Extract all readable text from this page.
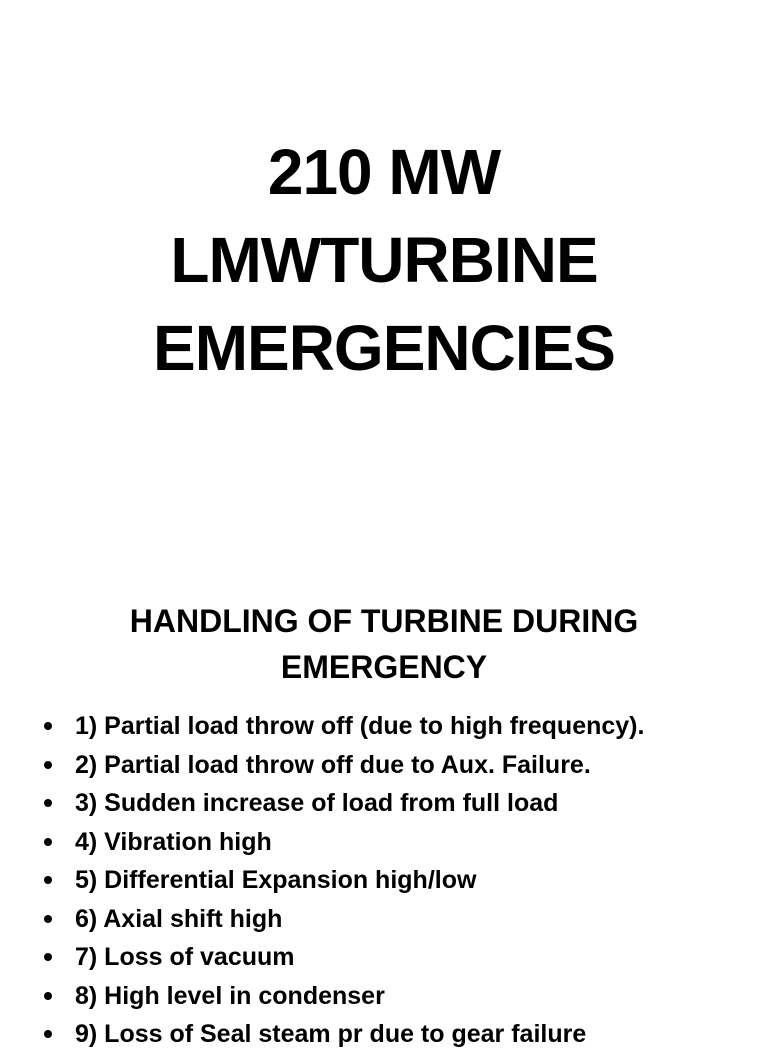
210 MW
LMWTURBINE
EMERGENCIES
HANDLING OF TURBINE DURING
EMERGENCY
1) Partial load throw off (due to high frequency).
2) Partial load throw off due to Aux. Failure.
3) Sudden increase of load from full load
4) Vibration high
5) Differential Expansion high/low
6) Axial shift high
7) Loss of vacuum
8) High level in condenser
9) Loss of Seal steam pr due to gear failure
